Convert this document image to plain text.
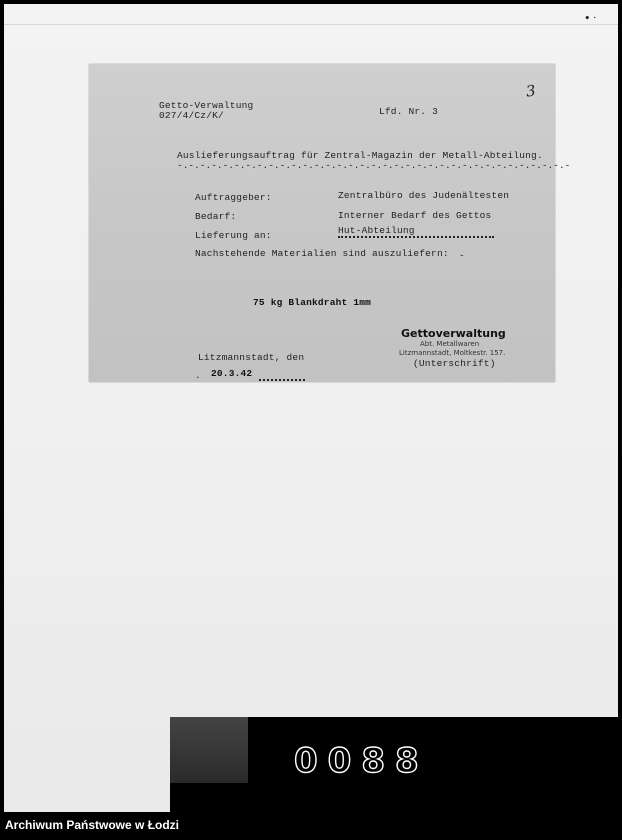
• ᐧ
3
Getto-Verwaltung
027/4/Cz/K/	Lfd. Nr. 3
Auslieferungsauftrag für Zentral-Magazin der Metall-Abteilung.
-.-.-.-.-.-.-.-.-.-.-.-.-.-.-.-.-.-.-.-.-.-.-.-.-.-.-.-.-.-.-.-.-.-.-
Auftraggeber:	Zentralbüro des Judenältesten
Bedarf:	Interner Bedarf des Gettos
Lieferung an:	Hut-Abteilung
Nachstehende Materialien sind auszuliefern: -
75 kg Blankdraht 1mm
Litzmannstadt, den
. 20.3.42
Gettoverwaltung
Abt. Metallwaren
Litzmannstadt, Moltkestr. 157.
(Unterschrift)
0088
Archiwum Państwowe w Łodzi
